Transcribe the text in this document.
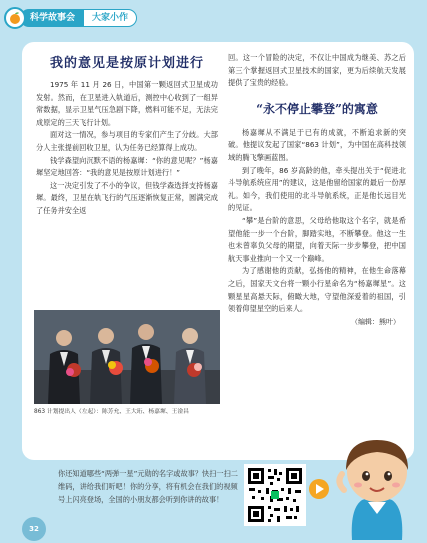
科学故事会	大家小作
我的意见是按原计划进行

1975 年 11 月 26 日，中国第一颗返回式卫星成功发射。然而，在卫星进入轨道后，测控中心收到了一组异常数据，显示卫星气压急剧下降，燃料可能不足，无法完成原定的三天飞行计划。

面对这一情况，参与项目的专家们产生了分歧。大部分人主张提前回收卫星，认为任务已经算得上成功。

钱学森望向沉默不语的杨嘉墀：“你的意见呢？”杨嘉墀坚定地回答：“我的意见是按原计划进行！”

这一决定引发了不小的争议，但钱学森选择支持杨嘉墀。最终，卫星在轨飞行的气压逐渐恢复正常，圆满完成了任务并安全返

863 计划提出人（左起）：陈芳允、王大珩、杨嘉墀、王淦昌

回。这一个冒险的决定，不仅让中国成为继美、苏之后第三个掌握返回式卫星技术的国家，更为后续航天发展提供了宝贵的经验。

“永不停止攀登”的寓意

杨嘉墀从不满足于已有的成就，不断追求新的突破。他提议发起了国家“863 计划”，为中国在高科技领域的腾飞擎画蓝图。

到了晚年，86 岁高龄的他，牵头提出关于“促进北斗导航系统应用”的建议，这是他留给国家的最后一份厚礼。如今，我们使用的北斗导航系统，正是他长远目光的见证。

“攀”是台阶的意思，父母给他取这个名字，就是希望他能一步一个台阶，脚踏实地，不断攀登。他这一生也未曾辜负父母的期望，向着天际一步步攀登，把中国航天事业推向一个又一个巅峰。

为了感谢他的贡献，弘扬他的精神，在他生命落幕之后，国家天文台将一颗小行星命名为“杨嘉墀星”。这颗星星高悬天际，俯瞰大地，守望他深爱着的祖国，引领着仰望星空的后来人。

（编辑：熊叶）

你还知道哪些“两弹一星”元勋的名字或故事？快扫一扫二维码，讲给我们听吧！你的分享，将有机会在我们的视频号上闪亮登场，全国的小朋友都会听到你讲的故事！
32
